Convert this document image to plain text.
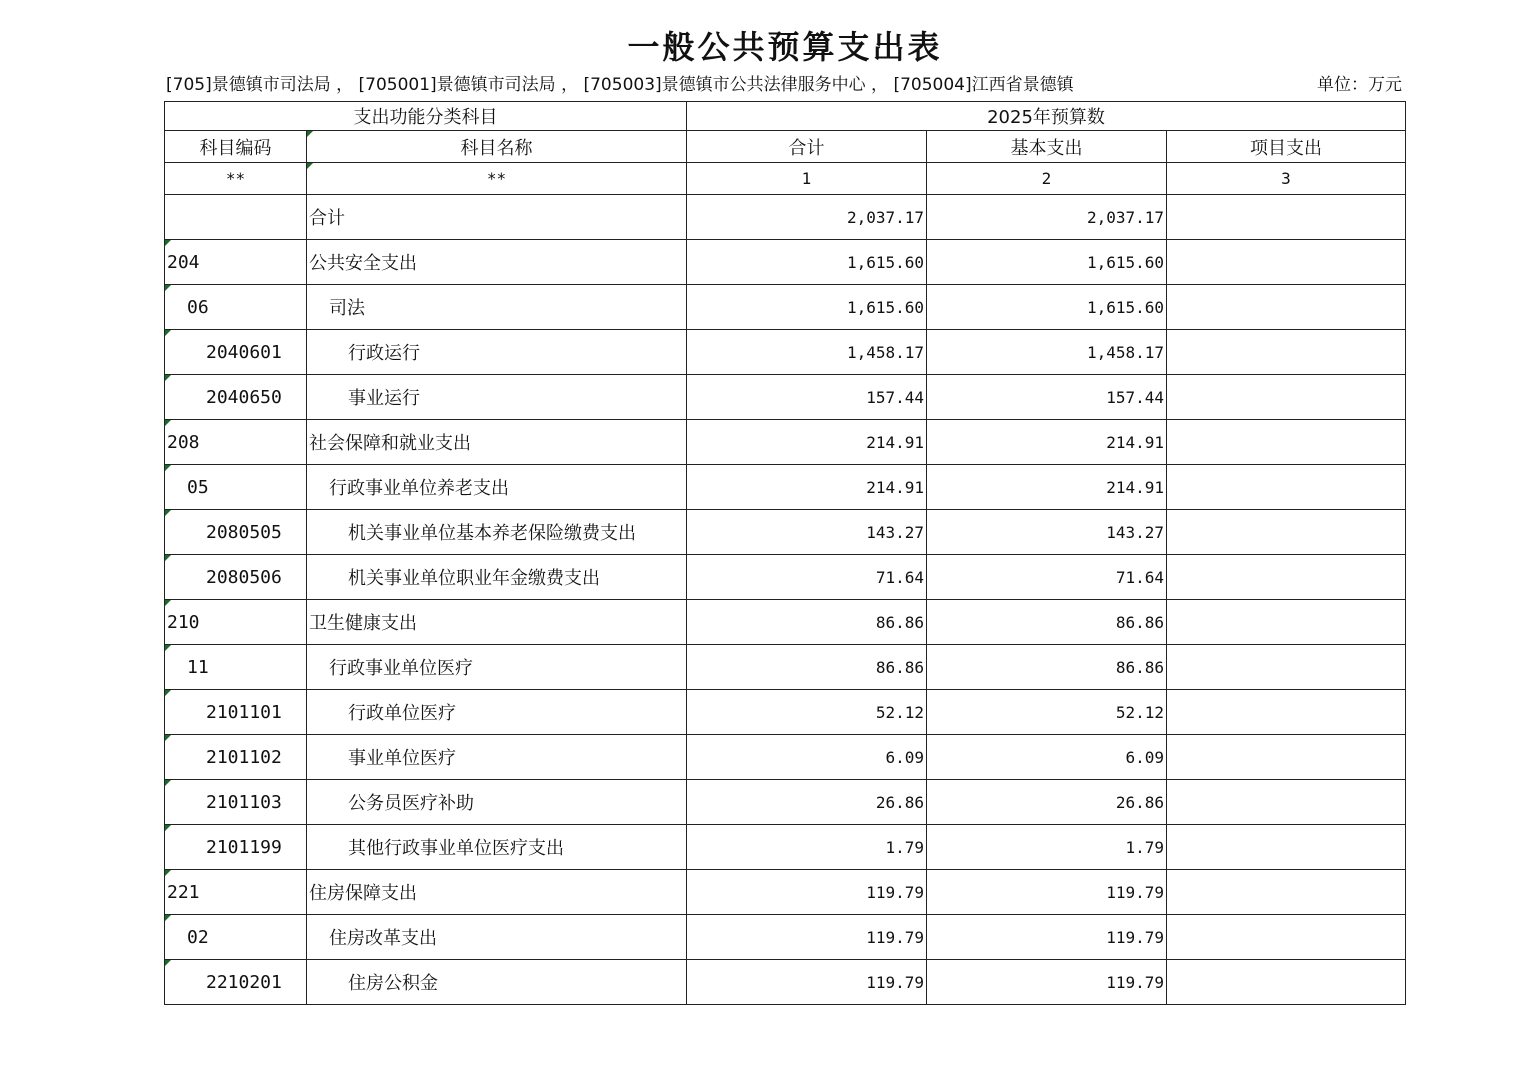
一般公共预算支出表
[705]景德镇市司法局 ， [705001]景德镇市司法局 ， [705003]景德镇市公共法律服务中心 ， [705004]江西省景德镇	单位：万元
支出功能分类科目		2025年预算数		
科目编码	科目名称	合计	基本支出	项目支出
**	**	1	2	3
	合计	2,037.17	2,037.17	
204	公共安全支出	1,615.60	1,615.60	
06	司法	1,615.60	1,615.60	
2040601	行政运行	1,458.17	1,458.17	
2040650	事业运行	157.44	157.44	
208	社会保障和就业支出	214.91	214.91	
05	行政事业单位养老支出	214.91	214.91	
2080505	机关事业单位基本养老保险缴费支出	143.27	143.27	
2080506	机关事业单位职业年金缴费支出	71.64	71.64	
210	卫生健康支出	86.86	86.86	
11	行政事业单位医疗	86.86	86.86	
2101101	行政单位医疗	52.12	52.12	
2101102	事业单位医疗	6.09	6.09	
2101103	公务员医疗补助	26.86	26.86	
2101199	其他行政事业单位医疗支出	1.79	1.79	
221	住房保障支出	119.79	119.79	
02	住房改革支出	119.79	119.79	
2210201	住房公积金	119.79	119.79	
